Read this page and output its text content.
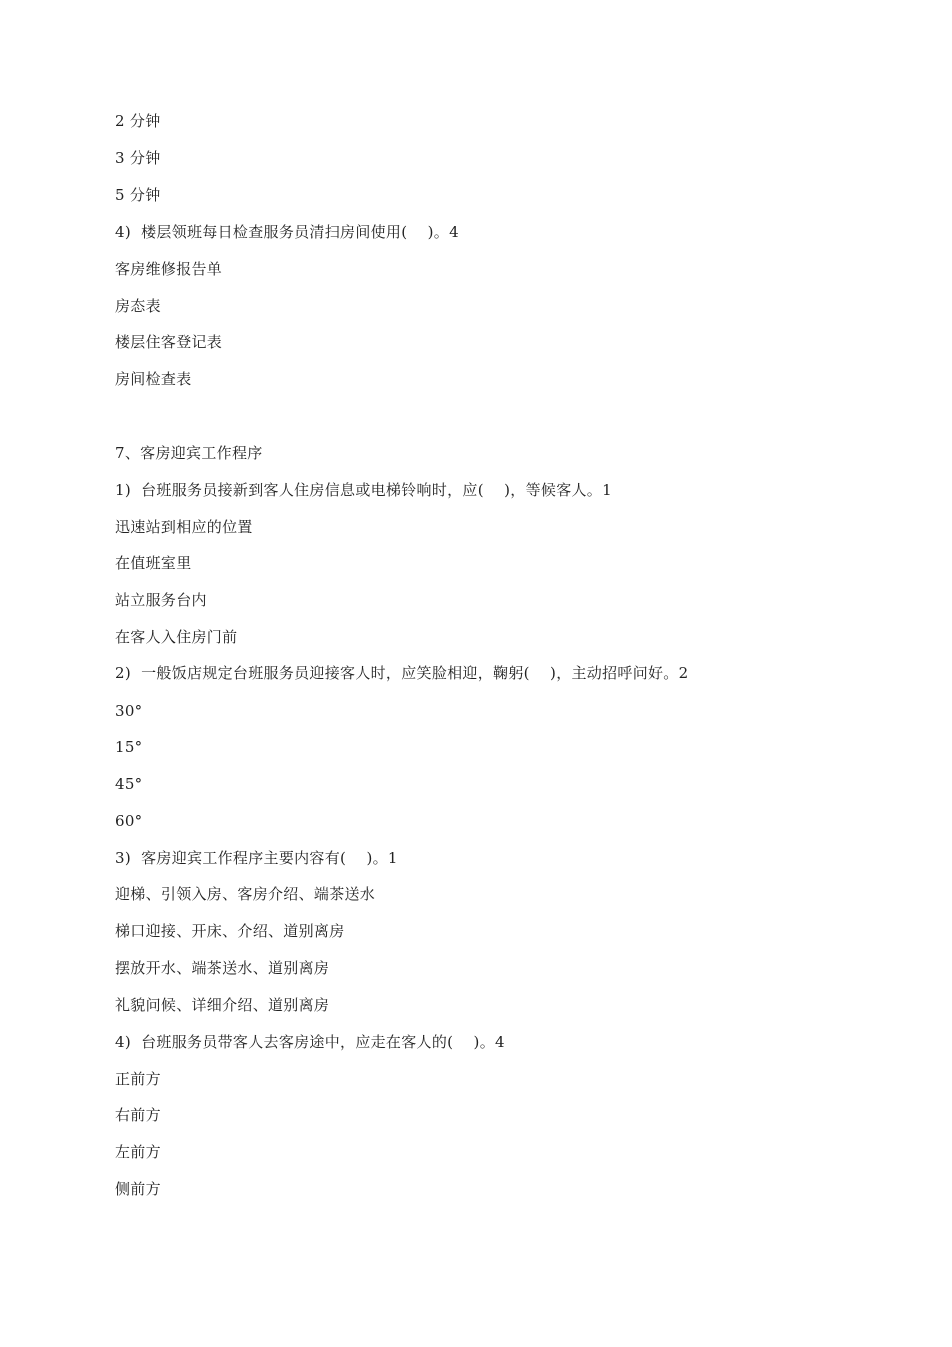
2 分钟
3 分钟
5 分钟
4)  楼层领班每日检查服务员清扫房间使用(    )。4
客房维修报告单
房态表
楼层住客登记表
房间检查表
7、客房迎宾工作程序
1)  台班服务员接新到客人住房信息或电梯铃响时，应(    )，等候客人。1
迅速站到相应的位置
在值班室里
站立服务台内
在客人入住房门前
2)  一般饭店规定台班服务员迎接客人时，应笑脸相迎，鞠躬(    )，主动招呼问好。2
30°
15°
45°
60°
3)  客房迎宾工作程序主要内容有(    )。1
迎梯、引领入房、客房介绍、端茶送水
梯口迎接、开床、介绍、道别离房
摆放开水、端茶送水、道别离房
礼貌问候、详细介绍、道别离房
4)  台班服务员带客人去客房途中，应走在客人的(    )。4
正前方
右前方
左前方
侧前方
